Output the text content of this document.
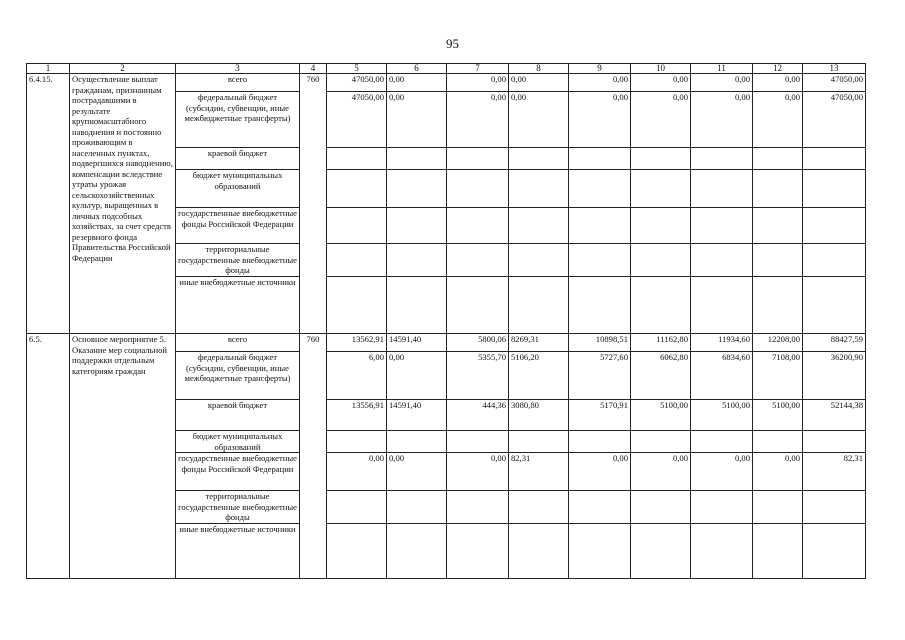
95
1	2	3	4	5	6	7	8	9	10	11	12	13
6.4.15.	Осуществление выплат гражданам, признанным пострадавшими в результате крупномасштабного наводнения и постоянно проживающим в населенных пунктах, подвергшихся наводнению, компенсации вследствие утраты урожая сельскохозяйственных культур, выращенных в личных подсобных хозяйствах, за счет средств резервного фонда Правительства Российской Федерации	всего	760	47050,00	0,00	0,00	0,00	0,00	0,00	0,00	0,00	47050,00
		федеральный бюджет (субсидии, субвенции, иные межбюджетные трансферты)		47050,00	0,00	0,00	0,00	0,00	0,00	0,00	0,00	47050,00
		краевой бюджет										
		бюджет муниципальных образований										
		государственные внебюджетные фонды Российской Федерации										
		территориальные государственные внебюджетные фонды										
		иные внебюджетные источники										
6.5.	Основное мероприятие 5. Оказание мер социальной поддержки отдельным категориям граждан	всего	760	13562,91	14591,40	5800,06	8269,31	10898,51	11162,80	11934,60	12208,00	88427,59
		федеральный бюджет (субсидии, субвенции, иные межбюджетные трансферты)		6,00	0,00	5355,70	5106,20	5727,60	6062,80	6834,60	7108,00	36200,90
		краевой бюджет		13556,91	14591,40	444,36	3080,80	5170,91	5100,00	5100,00	5100,00	52144,38
		бюджет муниципальных образований										
		государственные внебюджетные фонды Российской Федерации		0,00	0,00	0,00	82,31	0,00	0,00	0,00	0,00	82,31
		территориальные государственные внебюджетные фонды										
		иные внебюджетные источники										
